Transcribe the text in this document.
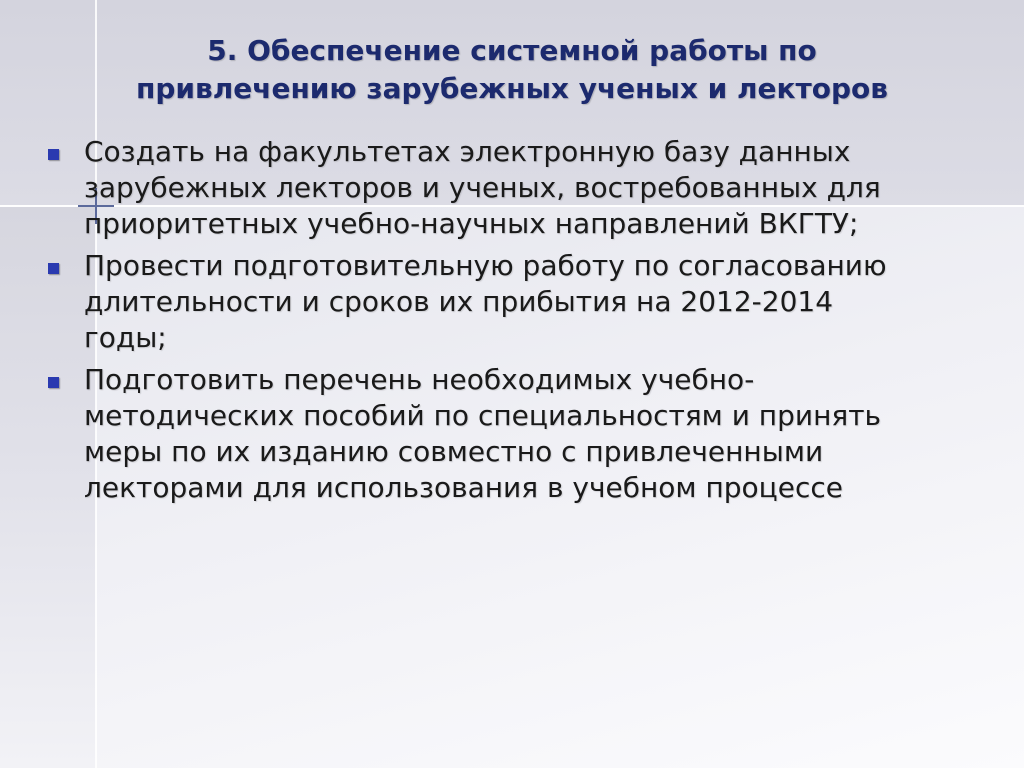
5. Обеспечение системной работы по
привлечению зарубежных ученых и лекторов
Создать на факультетах электронную базу данных
зарубежных лекторов и ученых, востребованных для
приоритетных учебно-научных направлений ВКГТУ;
Провести подготовительную работу по согласованию
длительности и сроков их прибытия на 2012-2014
годы;
Подготовить перечень необходимых учебно-
методических пособий по специальностям и принять
меры по их изданию совместно с привлеченными
лекторами для использования в учебном процессе
